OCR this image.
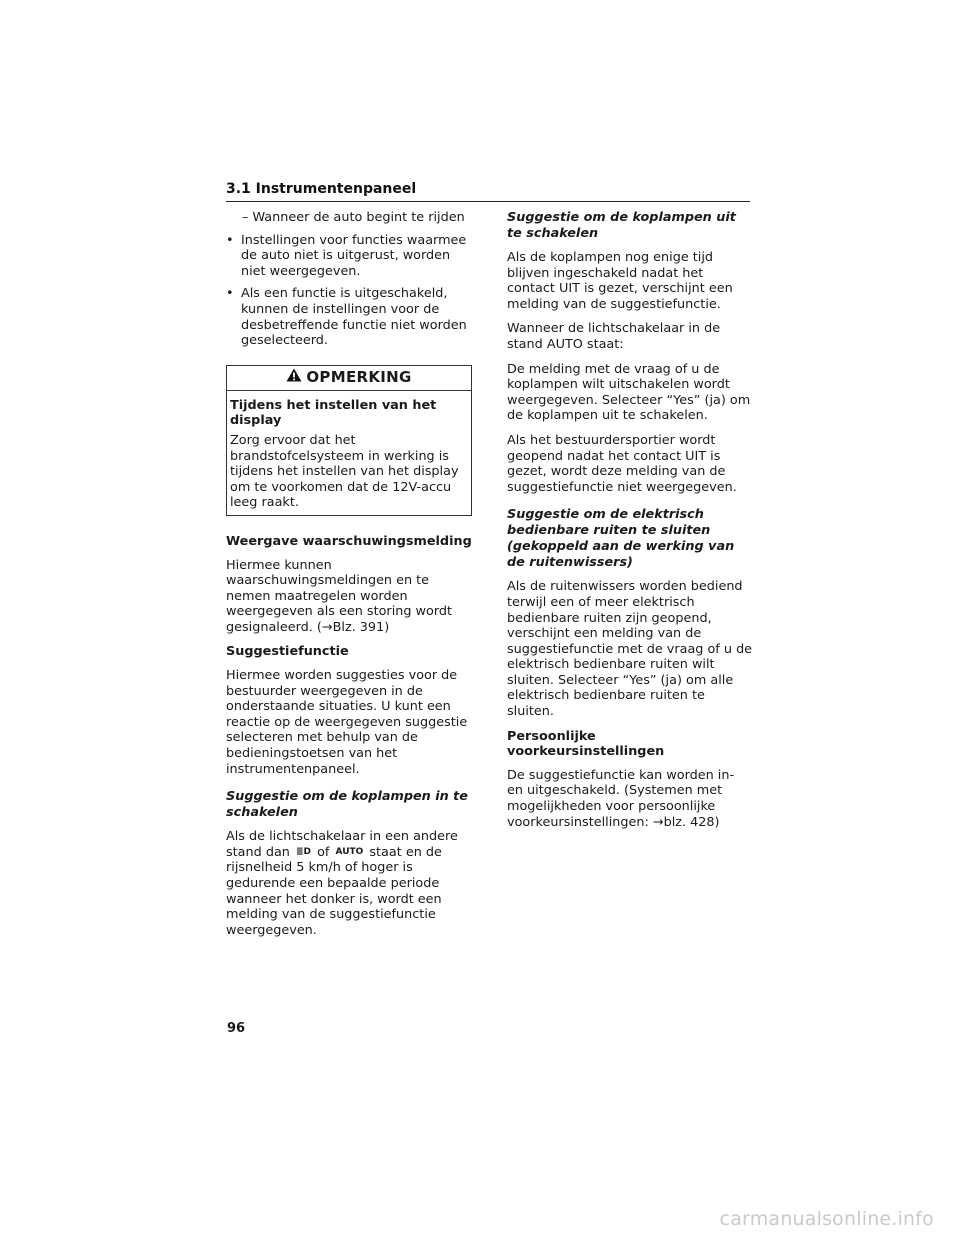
3.1 Instrumentenpaneel

– Wanneer de auto begint te rijden

• Instellingen voor functies waarmee de auto niet is uitgerust, worden niet weergegeven.

• Als een functie is uitgeschakeld, kunnen de instellingen voor de desbetreffende functie niet worden geselecteerd.

OPMERKING

Tijdens het instellen van het display

Zorg ervoor dat het brandstofcelsysteem in werking is tijdens het instellen van het display om te voorkomen dat de 12V-accu leeg raakt.

Weergave waarschuwingsmelding

Hiermee kunnen waarschuwingsmeldingen en te nemen maatregelen worden weergegeven als een storing wordt gesignaleerd. (→Blz. 391)

Suggestiefunctie

Hiermee worden suggesties voor de bestuurder weergegeven in de onderstaande situaties. U kunt een reactie op de weergegeven suggestie selecteren met behulp van de bedieningstoetsen van het instrumentenpaneel.

Suggestie om de koplampen in te schakelen

Als de lichtschakelaar in een andere stand dan ≣D of AUTO staat en de rijsnelheid 5 km/h of hoger is gedurende een bepaalde periode wanneer het donker is, wordt een melding van de suggestiefunctie weergegeven.

Suggestie om de koplampen uit te schakelen

Als de koplampen nog enige tijd blijven ingeschakeld nadat het contact UIT is gezet, verschijnt een melding van de suggestiefunctie.

Wanneer de lichtschakelaar in de stand AUTO staat:

De melding met de vraag of u de koplampen wilt uitschakelen wordt weergegeven. Selecteer “Yes” (ja) om de koplampen uit te schakelen.

Als het bestuurdersportier wordt geopend nadat het contact UIT is gezet, wordt deze melding van de suggestiefunctie niet weergegeven.

Suggestie om de elektrisch bedienbare ruiten te sluiten (gekoppeld aan de werking van de ruitenwissers)

Als de ruitenwissers worden bediend terwijl een of meer elektrisch bedienbare ruiten zijn geopend, verschijnt een melding van de suggestiefunctie met de vraag of u de elektrisch bedienbare ruiten wilt sluiten. Selecteer “Yes” (ja) om alle elektrisch bedienbare ruiten te sluiten.

Persoonlijke voorkeursinstellingen

De suggestiefunctie kan worden in- en uitgeschakeld. (Systemen met mogelijkheden voor persoonlijke voorkeursinstellingen: →blz. 428)

96
carmanualsonline.info
